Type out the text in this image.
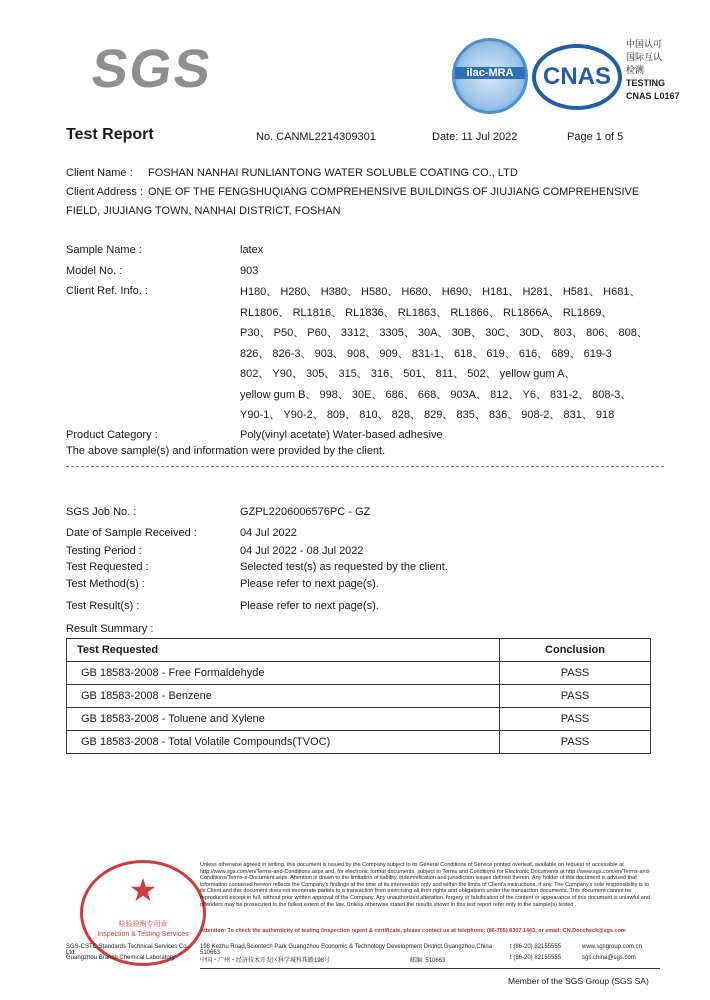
SGS	ilac-MRA	CNAS
中国认可
国际互认
检测
TESTING
CNAS L0167
Test Report	No. CANML2214309301	Date: 11 Jul 2022	Page 1 of 5
Client Name : FOSHAN NANHAI RUNLIANTONG WATER SOLUBLE COATING CO., LTD
Client Address : ONE OF THE FENGSHUQIANG COMPREHENSIVE BUILDINGS OF JIUJIANG COMPREHENSIVE
FIELD, JIUJIANG TOWN, NANHAI DISTRICT, FOSHAN
Sample Name :	latex
Model No. :	903
Client Ref. Info. :	H180、 H280、 H380、 H580、 H680、 H690、 H181、 H281、 H581、 H681、
RL1806、 RL1816、 RL1836、 RL1863、 RL1866、 RL1866A、 RL1869、
P30、 P50、 P60、 3312、 3305、 30A、 30B、 30C、 30D、 803、 806、 808、
826、 826-3、 903、 908、 909、 831-1、 618、 619、 616、 689、 619-3
802、 Y90、 305、 315、 316、 501、 811、 502、 yellow gum A、
yellow gum B、 998、 30E、 686、 668、 903A、 812、 Y6、 831-2、 808-3、
Y90-1、 Y90-2、 809、 810、 828、 829、 835、 836、 908-2、 831、 918
Product Category :	Poly(vinyl acetate) Water-based adhesive
The above sample(s) and information were provided by the client.
SGS Job No. :	GZPL2206006576PC - GZ
Date of Sample Received :	04 Jul 2022
Testing Period :	04 Jul 2022 - 08 Jul 2022
Test Requested :	Selected test(s) as requested by the client.
Test Method(s) :	Please refer to next page(s).
Test Result(s) :	Please refer to next page(s).
Result Summary :
Test Requested	Conclusion
GB 18583-2008 - Free Formaldehyde	PASS
GB 18583-2008 - Benzene	PASS
GB 18583-2008 - Toluene and Xylene	PASS
GB 18583-2008 - Total Volatile Compounds(TVOC)	PASS
★
检验检测专用章
Inspection & Testing Services
SGS-CSTC Standards Technical Services Co., Ltd.
Guangzhou Branch Chemical Laboratory
Unless otherwise agreed in writing, this document is issued by the Company subject to its General Conditions of Service printed overleaf, available on request or accessible at http://www.sgs.com/en/Terms-and-Conditions.aspx and, for electronic format documents, subject to Terms and Conditions for Electronic Documents at http://www.sgs.com/en/Terms-and-Conditions/Terms-e-Document.aspx. Attention is drawn to the limitation of liability, indemnification and jurisdiction issues defined therein. Any holder of this document is advised that information contained hereon reflects the Company's findings at the time of its intervention only and within the limits of Client's instructions, if any. The Company's sole responsibility is to its Client and this document does not exonerate parties to a transaction from exercising all their rights and obligations under the transaction documents. This document cannot be reproduced except in full, without prior written approval of the Company. Any unauthorized alteration, forgery or falsification of the content or appearance of this document is unlawful and offenders may be prosecuted to the fullest extent of the law. Unless otherwise stated the results shown in this test report refer only to the sample(s) tested .
Attention: To check the authenticity of testing /inspection report & certificate, please contact us at telephone: (86-755) 8307 1443, or email: CN.Doccheck@sgs.com
198 Kezhu Road,Scientech Park Guangzhou Economic & Technology Development District,Guangzhou,China 510663
t (86-20) 82155555	www.sgsgroup.com.cn
中国・广州・经济技术开发区科学城科珠路198号	邮编: 510663	t (86-20) 82155555	sgs.china@sgs.com
Member of the SGS Group (SGS SA)
